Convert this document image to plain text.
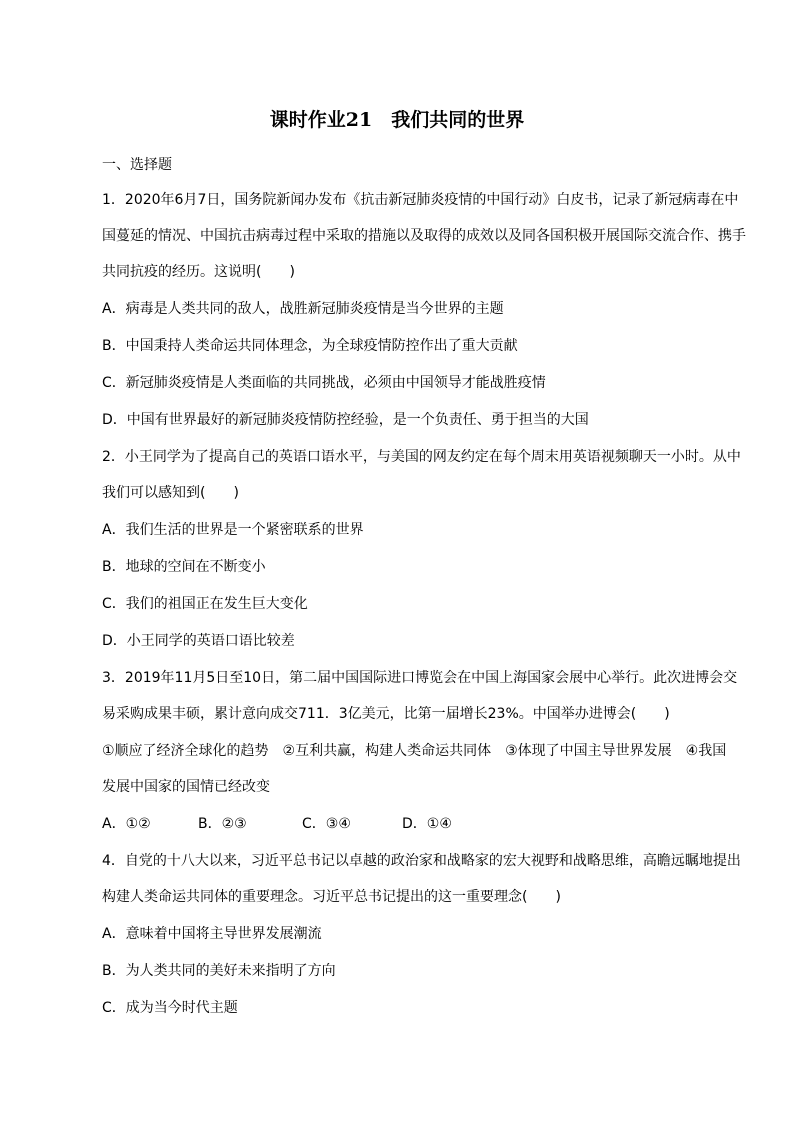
课时作业21　我们共同的世界
一、选择题
1．2020年6月7日，国务院新闻办发布《抗击新冠肺炎疫情的中国行动》白皮书，记录了新冠病毒在中
国蔓延的情况、中国抗击病毒过程中采取的措施以及取得的成效以及同各国积极开展国际交流合作、携手
共同抗疫的经历。这说明(　　)
A．病毒是人类共同的敌人，战胜新冠肺炎疫情是当今世界的主题
B．中国秉持人类命运共同体理念，为全球疫情防控作出了重大贡献
C．新冠肺炎疫情是人类面临的共同挑战，必须由中国领导才能战胜疫情
D．中国有世界最好的新冠肺炎疫情防控经验，是一个负责任、勇于担当的大国
2．小王同学为了提高自己的英语口语水平，与美国的网友约定在每个周末用英语视频聊天一小时。从中
我们可以感知到(　　)
A．我们生活的世界是一个紧密联系的世界
B．地球的空间在不断变小
C．我们的祖国正在发生巨大变化
D．小王同学的英语口语比较差
3．2019年11月5日至10日，第二届中国国际进口博览会在中国上海国家会展中心举行。此次进博会交
易采购成果丰硕，累计意向成交711．3亿美元，比第一届增长23%。中国举办进博会(　　)
①顺应了经济全球化的趋势　②互利共赢，构建人类命运共同体　③体现了中国主导世界发展　④我国
发展中国家的国情已经改变
A．①②	B．②③	C．③④	D．①④
4．自党的十八大以来，习近平总书记以卓越的政治家和战略家的宏大视野和战略思维，高瞻远瞩地提出
构建人类命运共同体的重要理念。习近平总书记提出的这一重要理念(　　)
A．意味着中国将主导世界发展潮流
B．为人类共同的美好未来指明了方向
C．成为当今时代主题
